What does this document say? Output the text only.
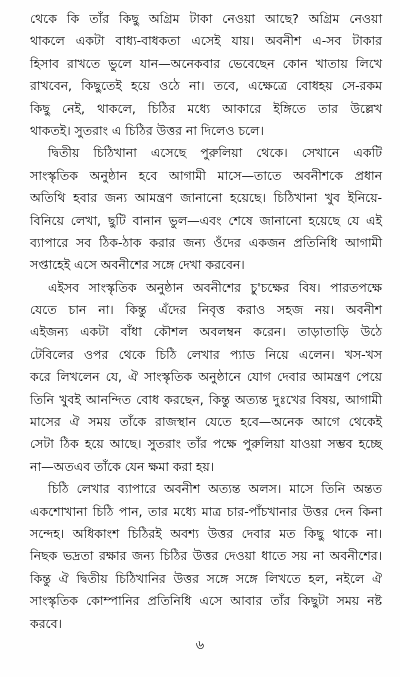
থেকে কি তাঁর কিছু অগ্রিম টাকা নেওয়া আছে? অগ্রিম নেওয়া
থাকলে একটা বাধ্য-বাধকতা এসেই যায়। অবনীশ এ-সব টাকার
হিসাব রাখতে ভুলে যান—অনেকবার ভেবেছেন কোন খাতায় লিখে
রাখবেন, কিছুতেই হয়ে ওঠে না। তবে, এক্ষেত্রে বোধহয় সে-রকম
কিছু নেই, থাকলে, চিঠির মধ্যে আকারে ইঙ্গিতে তার উল্লেখ
থাকতই। সুতরাং এ চিঠির উত্তর না দিলেও চলে।
দ্বিতীয় চিঠিখানা এসেছে পুরুলিয়া থেকে। সেখানে একটি
সাংস্কৃতিক অনুষ্ঠান হবে আগামী মাসে—তাতে অবনীশকে প্রধান
অতিথি হবার জন্য আমন্ত্রণ জানানো হয়েছে। চিঠিখানা খুব ইনিয়ে-
বিনিয়ে লেখা, ছুটি বানান ভুল—এবং শেষে জানানো হয়েছে যে এই
ব্যাপারে সব ঠিক-ঠাক করার জন্য ওঁদের একজন প্রতিনিধি আগামী
সপ্তাহেই এসে অবনীশের সঙ্গে দেখা করবেন।
এইসব সাংস্কৃতিক অনুষ্ঠান অবনীশের চু'চক্ষের বিষ। পারতপক্ষে
যেতে চান না। কিন্তু এঁদের নিবৃত্ত করাও সহজ নয়। অবনীশ
এইজন্য একটা বাঁধা কৌশল অবলম্বন করেন। তাড়াতাড়ি উঠে
টেবিলের ওপর থেকে চিঠি লেখার প্যাড নিয়ে এলেন। খস-খস
করে লিখলেন যে, ঐ সাংস্কৃতিক অনুষ্ঠানে যোগ দেবার আমন্ত্রণ পেয়ে
তিনি খুবই আনন্দিত বোধ করছেন, কিন্তু অত্যন্ত দুঃখের বিষয়, আগামী
মাসের ঐ সময় তাঁকে রাজস্থান যেতে হবে—অনেক আগে থেকেই
সেটা ঠিক হয়ে আছে। সুতরাং তাঁর পক্ষে পুরুলিয়া যাওয়া সম্ভব হচ্ছে
না—অতএব তাঁকে যেন ক্ষমা করা হয়।
চিঠি লেখার ব্যাপারে অবনীশ অত্যন্ত অলস। মাসে তিনি অন্তত
একশোখানা চিঠি পান, তার মধ্যে মাত্র চার-পাঁচখানার উত্তর দেন কিনা
সন্দেহ। অধিকাংশ চিঠিরই অবশ্য উত্তর দেবার মত কিছু থাকে না।
নিছক ভদ্রতা রক্ষার জন্য চিঠির উত্তর দেওয়া ধাতে সয় না অবনীশের।
কিন্তু ঐ দ্বিতীয় চিঠিখানির উত্তর সঙ্গে সঙ্গে লিখতে হল, নইলে ঐ
সাংস্কৃতিক কোম্পানির প্রতিনিধি এসে আবার তাঁর কিছুটা সময় নষ্ট
করবে।
৬
